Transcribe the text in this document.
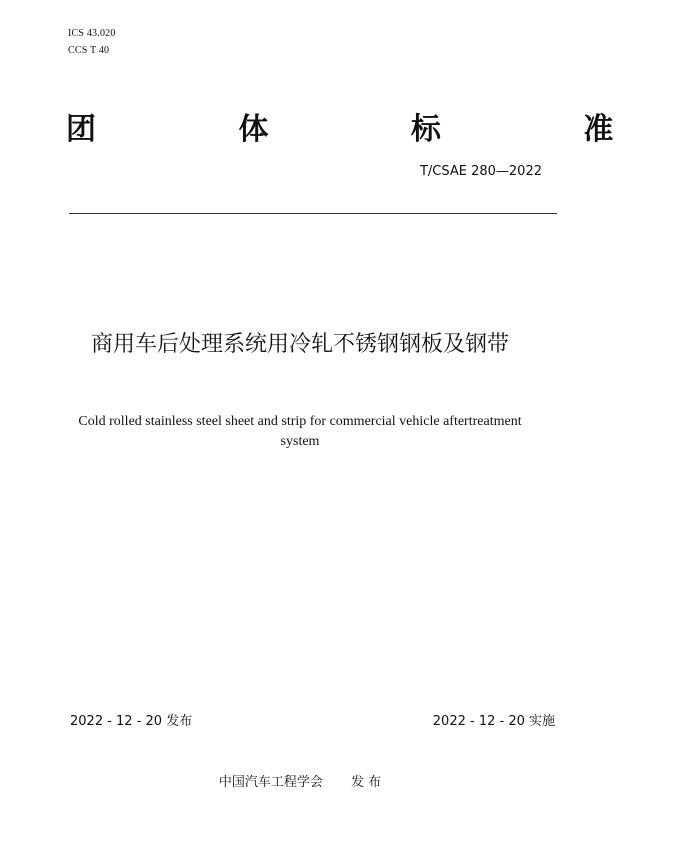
ICS 43.020
CCS T 40
团 体 标 准
T/CSAE 280—2022
商用车后处理系统用冷轧不锈钢钢板及钢带
Cold rolled stainless steel sheet and strip for commercial vehicle aftertreatment system
2022 - 12 - 20 发布	2022 - 12 - 20 实施
中国汽车工程学会 发 布
